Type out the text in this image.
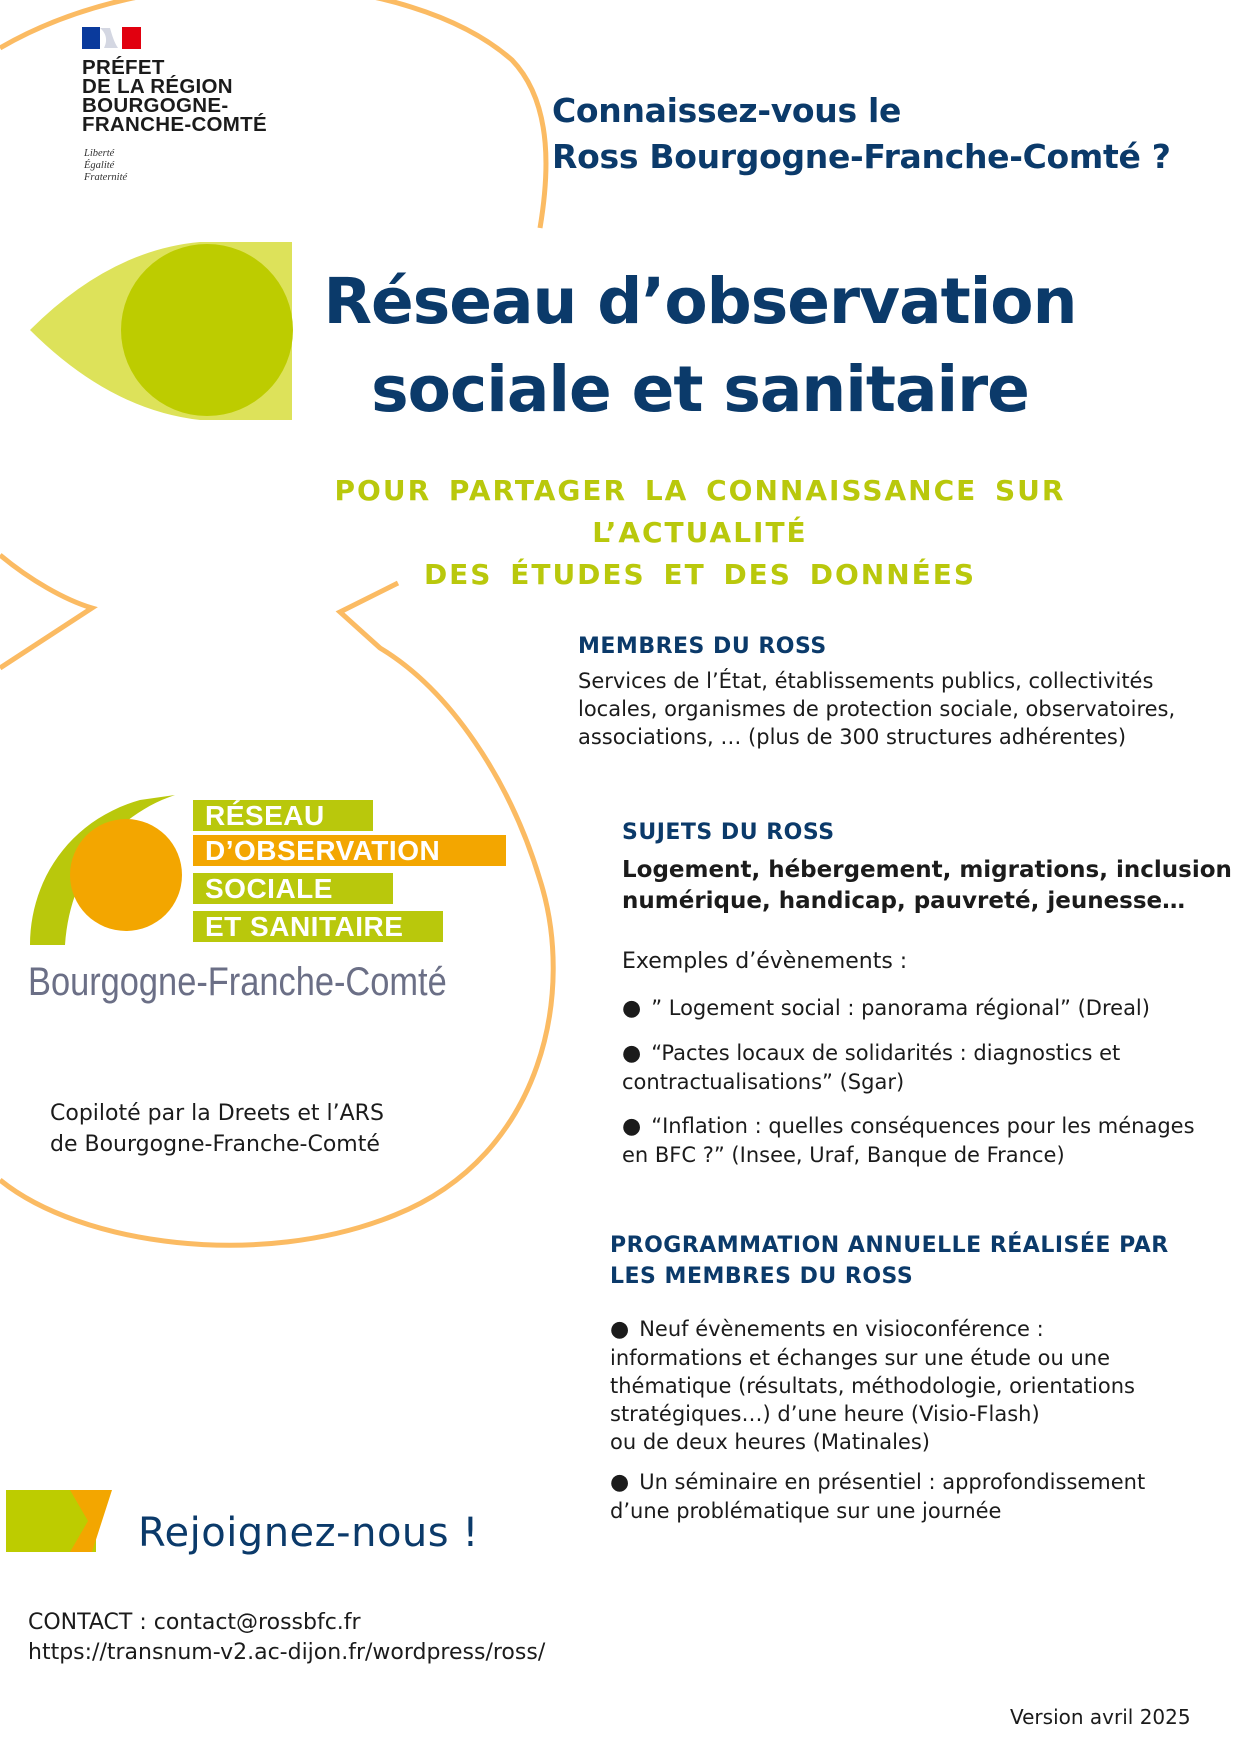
PRÉFET
DE LA RÉGION
BOURGOGNE-
FRANCHE-COMTÉ
Liberté
Égalité
Fraternité
Connaissez-vous le
Ross Bourgogne-Franche-Comté ?
Réseau d’observation
sociale et sanitaire
POUR PARTAGER LA CONNAISSANCE SUR L’ACTUALITÉ
DES ÉTUDES ET DES DONNÉES
RÉSEAU
D’OBSERVATION
SOCIALE
ET SANITAIRE
Bourgogne-Franche-Comté
Copiloté par la Dreets et l’ARS
de Bourgogne-Franche-Comté
MEMBRES DU ROSS
Services de l’État, établissements publics, collectivités
locales, organismes de protection sociale, observatoires,
associations, … (plus de 300 structures adhérentes)
SUJETS DU ROSS
Logement, hébergement, migrations, inclusion
numérique, handicap, pauvreté, jeunesse…
Exemples d’évènements :
● ” Logement social : panorama régional” (Dreal)
● “Pactes locaux de solidarités : diagnostics et
contractualisations” (Sgar)
● “Inflation : quelles conséquences pour les ménages
en BFC ?” (Insee, Uraf, Banque de France)
PROGRAMMATION ANNUELLE RÉALISÉE PAR
LES MEMBRES DU ROSS
● Neuf évènements en visioconférence :
informations et échanges sur une étude ou une
thématique (résultats, méthodologie, orientations
stratégiques…) d’une heure (Visio-Flash)
ou de deux heures (Matinales)
● Un séminaire en présentiel : approfondissement
d’une problématique sur une journée
Rejoignez-nous !
CONTACT : contact@rossbfc.fr
https://transnum-v2.ac-dijon.fr/wordpress/ross/
Version avril 2025
